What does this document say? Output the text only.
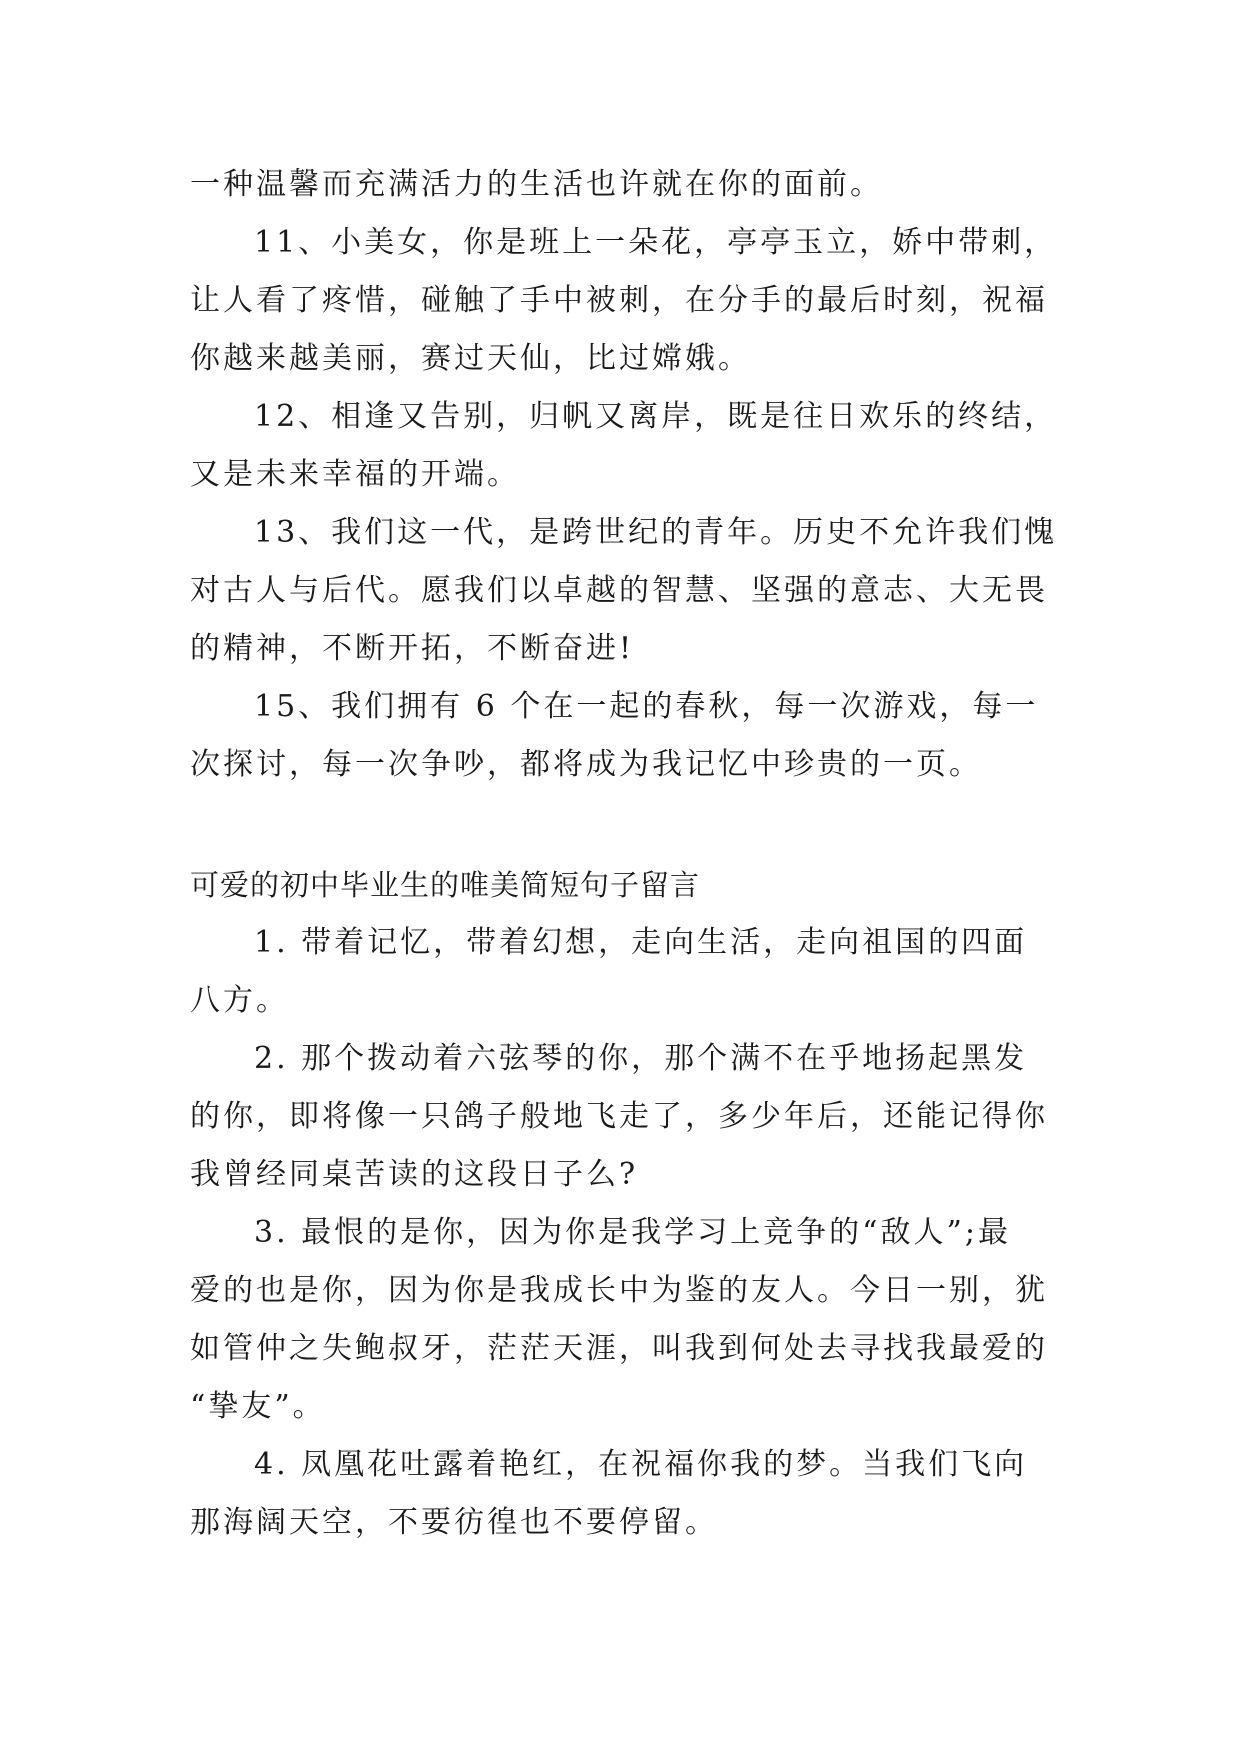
一种温馨而充满活力的生活也许就在你的面前。
11、小美女，你是班上一朵花，亭亭玉立，娇中带刺，
让人看了疼惜，碰触了手中被刺，在分手的最后时刻，祝福
你越来越美丽，赛过天仙，比过嫦娥。
12、相逢又告别，归帆又离岸，既是往日欢乐的终结，
又是未来幸福的开端。
13、我们这一代，是跨世纪的青年。历史不允许我们愧
对古人与后代。愿我们以卓越的智慧、坚强的意志、大无畏
的精神，不断开拓，不断奋进!
15、我们拥有 6 个在一起的春秋，每一次游戏，每一
次探讨，每一次争吵，都将成为我记忆中珍贵的一页。
可爱的初中毕业生的唯美简短句子留言
1. 带着记忆，带着幻想，走向生活，走向祖国的四面
八方。
2. 那个拨动着六弦琴的你，那个满不在乎地扬起黑发
的你，即将像一只鸽子般地飞走了，多少年后，还能记得你
我曾经同桌苦读的这段日子么?
3. 最恨的是你，因为你是我学习上竞争的“敌人”;最
爱的也是你，因为你是我成长中为鉴的友人。今日一别，犹
如管仲之失鲍叔牙，茫茫天涯，叫我到何处去寻找我最爱的
“挚友”。
4. 凤凰花吐露着艳红，在祝福你我的梦。当我们飞向
那海阔天空，不要彷徨也不要停留。
